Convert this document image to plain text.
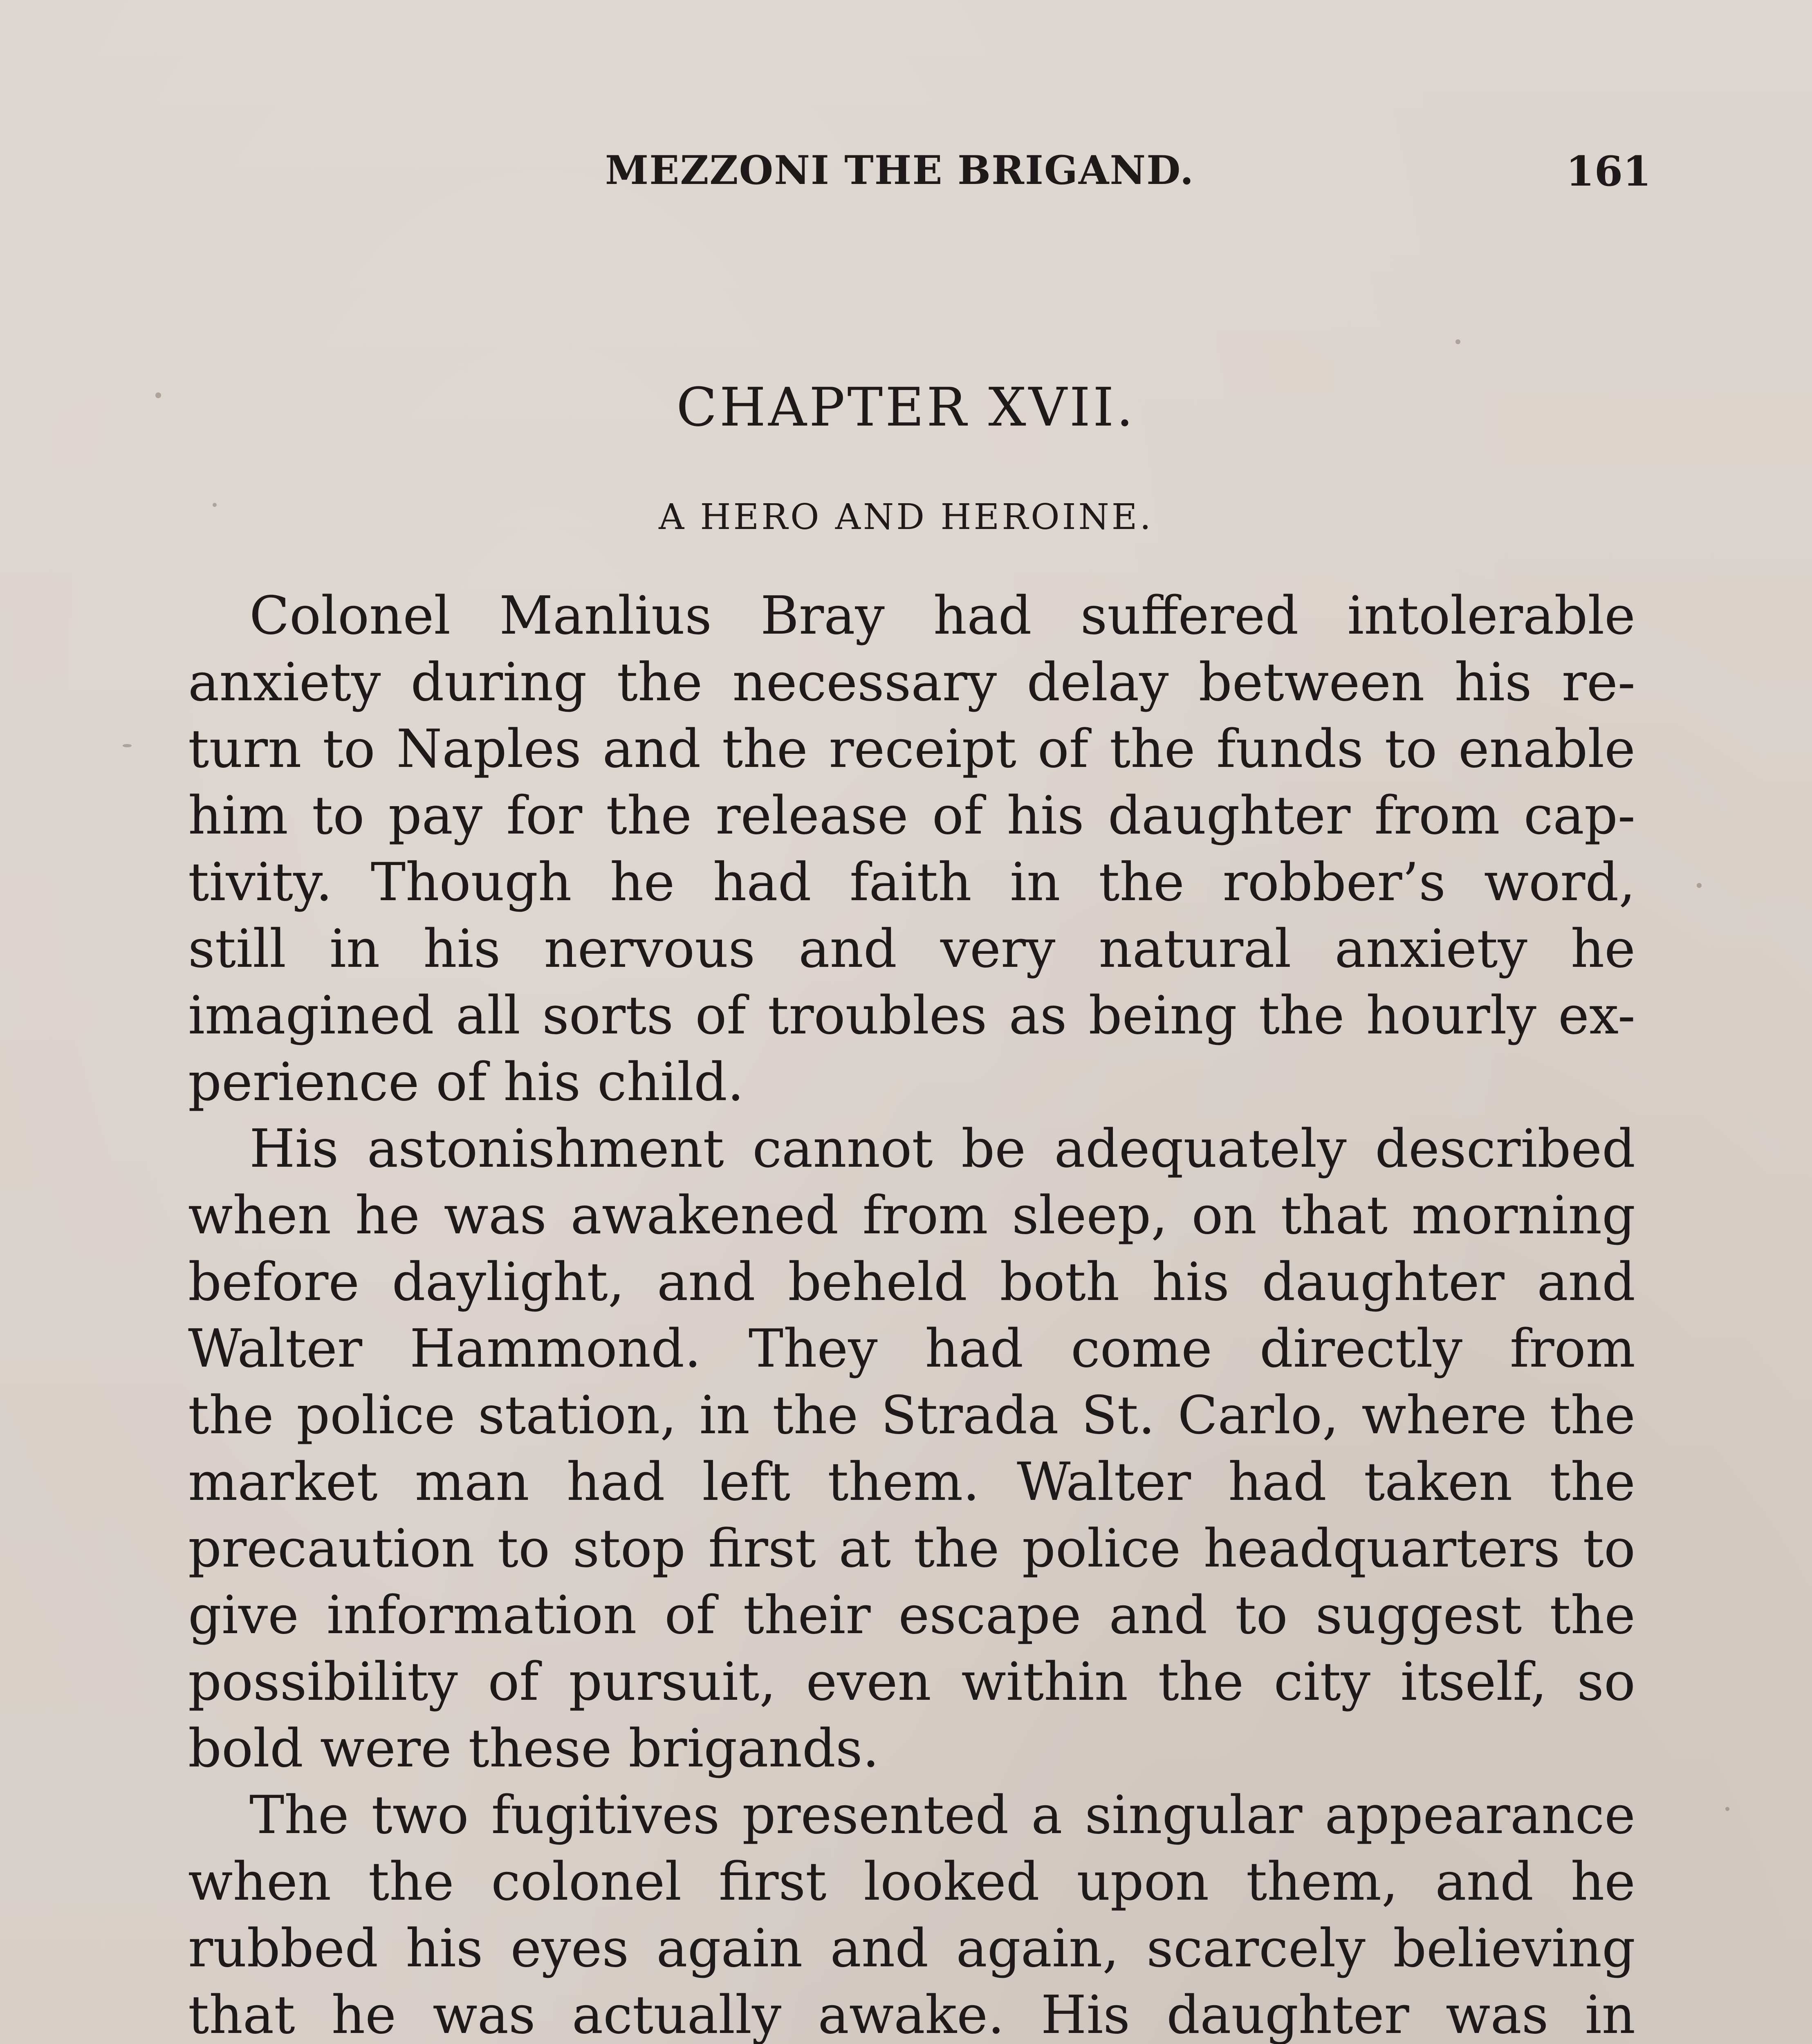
MEZZONI THE BRIGAND.	161
CHAPTER XVII.
A HERO AND HEROINE.
Colonel Manlius Bray had suffered intolerable
anxiety during the necessary delay between his re-
turn to Naples and the receipt of the funds to enable
him to pay for the release of his daughter from cap-
tivity. Though he had faith in the robber’s word,
still in his nervous and very natural anxiety he
imagined all sorts of troubles as being the hourly ex-
perience of his child.
His astonishment cannot be adequately described
when he was awakened from sleep, on that morning
before daylight, and beheld both his daughter and
Walter Hammond. They had come directly from
the police station, in the Strada St. Carlo, where the
market man had left them. Walter had taken the
precaution to stop first at the police headquarters to
give information of their escape and to suggest the
possibility of pursuit, even within the city itself, so
bold were these brigands.
The two fugitives presented a singular appearance
when the colonel first looked upon them, and he
rubbed his eyes again and again, scarcely believing
that he was actually awake. His daughter was in
